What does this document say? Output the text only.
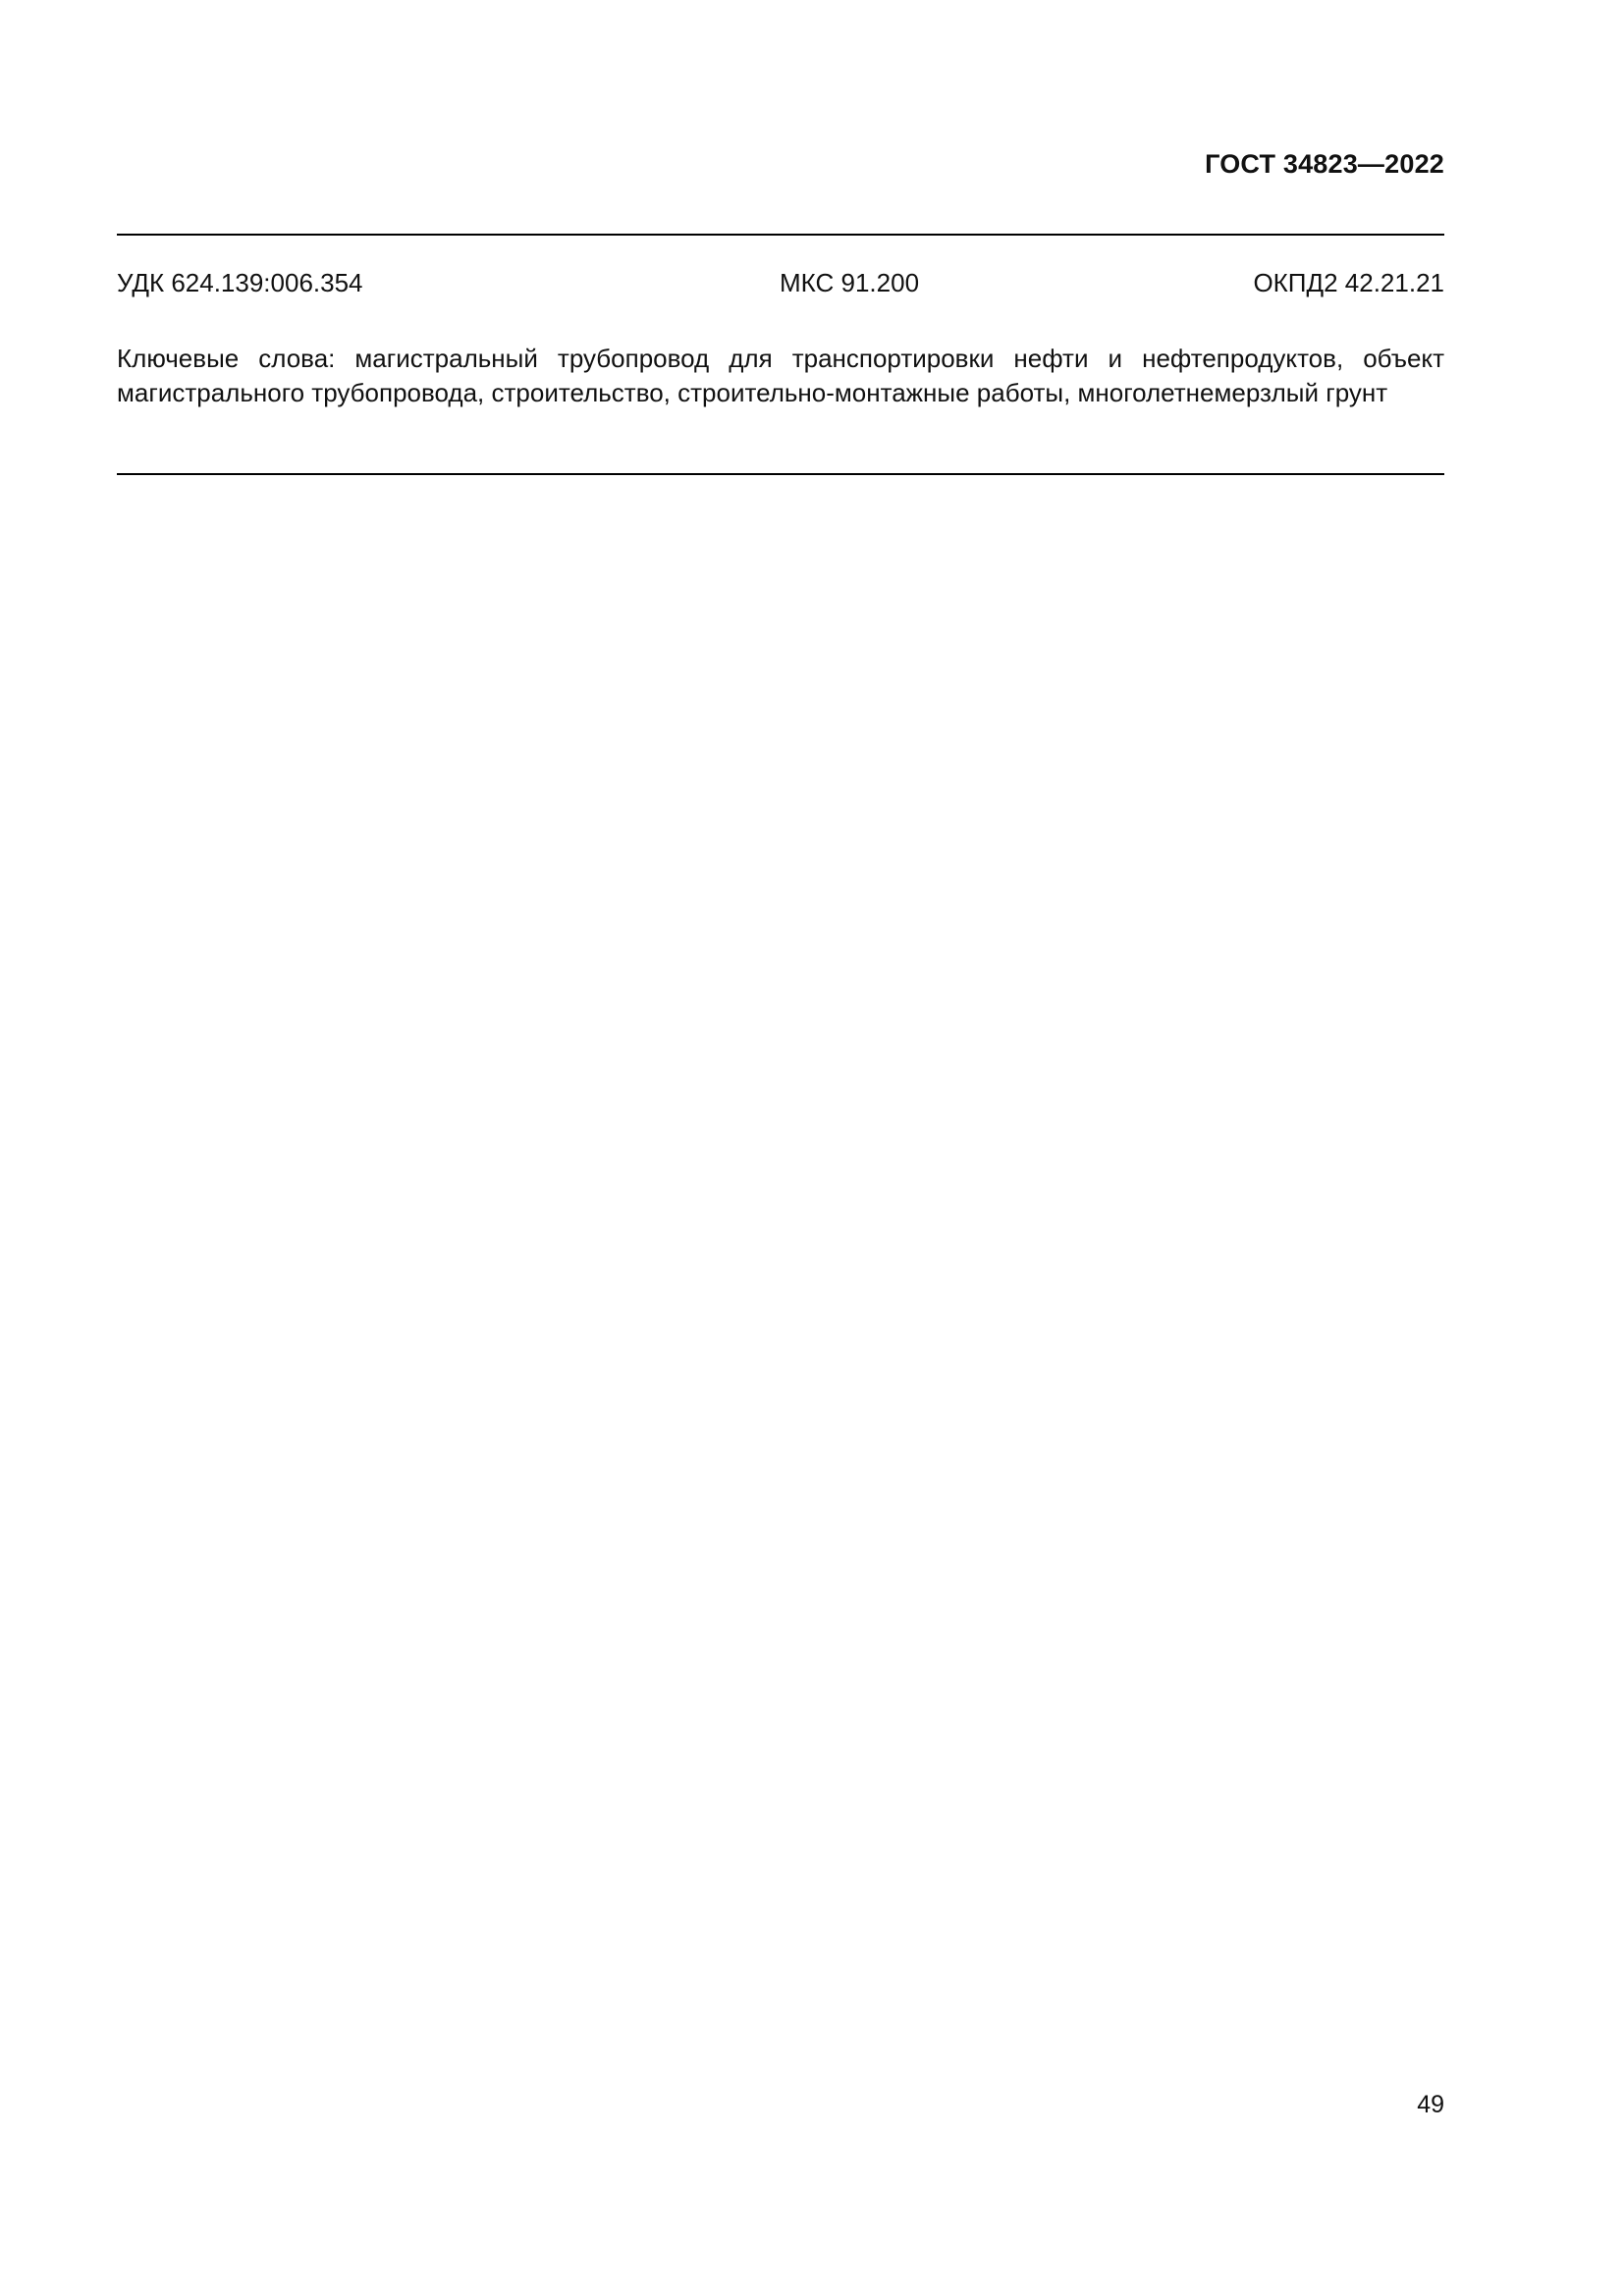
ГОСТ 34823—2022
УДК 624.139:006.354	МКС 91.200	ОКПД2 42.21.21
Ключевые слова: магистральный трубопровод для транспортировки нефти и нефтепродуктов, объект магистрального трубопровода, строительство, строительно-монтажные работы, многолетнемерзлый грунт
49
